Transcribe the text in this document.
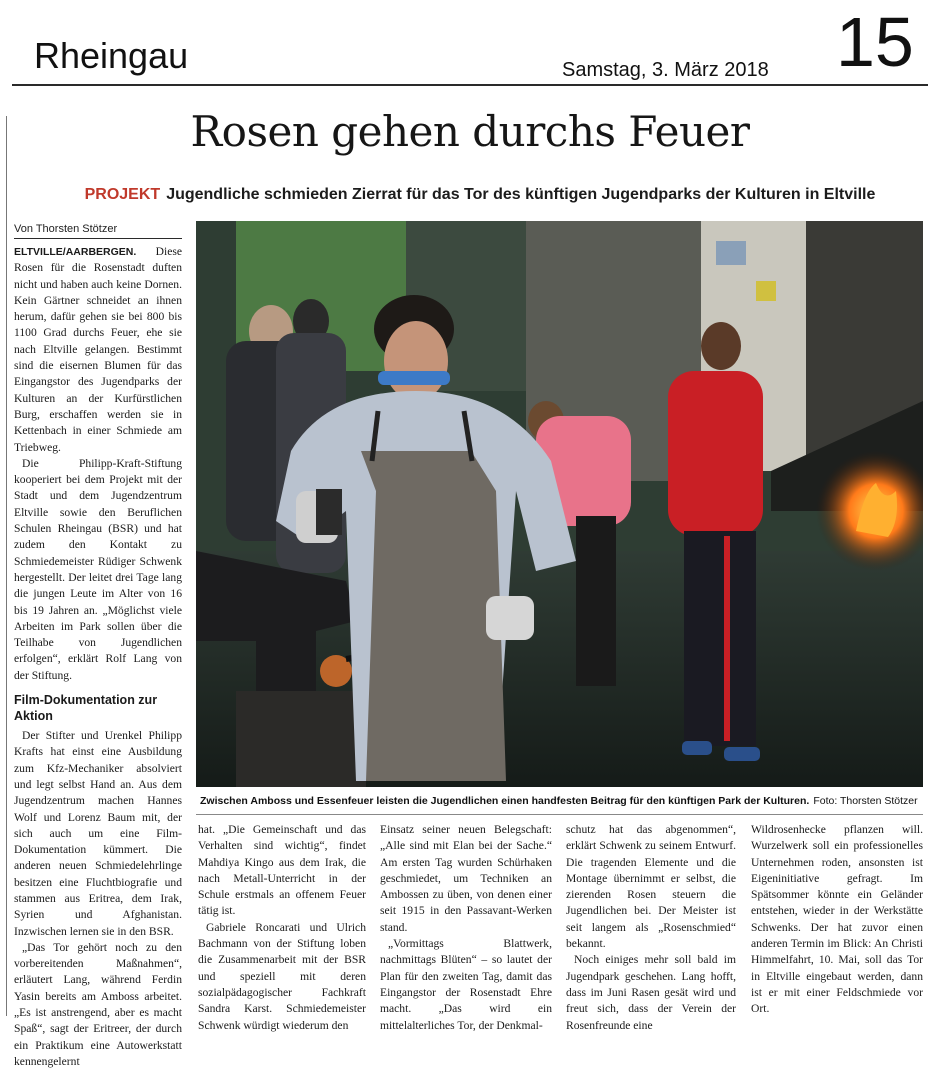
Rheingau	Samstag, 3. März 2018 15
Rosen gehen durchs Feuer
PROJEKT Jugendliche schmieden Zierrat für das Tor des künftigen Jugendparks der Kulturen in Eltville
Von Thorsten Stötzer

ELTVILLE/AARBERGEN. Diese Rosen für die Rosenstadt duften nicht und haben auch keine Dornen. Kein Gärtner schneidet an ihnen herum, dafür gehen sie bei 800 bis 1100 Grad durchs Feuer, ehe sie nach Eltville gelangen. Bestimmt sind die eisernen Blumen für das Eingangstor des Jugendparks der Kulturen an der Kurfürstlichen Burg, erschaffen werden sie in Kettenbach in einer Schmiede am Triebweg.

Die Philipp-Kraft-Stiftung kooperiert bei dem Projekt mit der Stadt und dem Jugendzentrum Eltville sowie den Beruflichen Schulen Rheingau (BSR) und hat zudem den Kontakt zu Schmiedemeister Rüdiger Schwenk hergestellt. Der leitet drei Tage lang die jungen Leute im Alter von 16 bis 19 Jahren an. „Möglichst viele Arbeiten im Park sollen über die Teilhabe von Jugendlichen erfolgen“, erklärt Rolf Lang von der Stiftung.

Film-Dokumentation zur Aktion

Der Stifter und Urenkel Philipp Krafts hat einst eine Ausbildung zum Kfz-Mechaniker absolviert und legt selbst Hand an. Aus dem Jugendzentrum machen Hannes Wolf und Lorenz Baum mit, der sich auch um eine Film-Dokumentation kümmert. Die anderen neuen Schmiedelehrlinge besitzen eine Fluchtbiografie und stammen aus Eritrea, dem Irak, Syrien und Afghanistan. Inzwischen lernen sie in den BSR.

„Das Tor gehört noch zu den vorbereitenden Maßnahmen“, erläutert Lang, während Ferdin Yasin bereits am Amboss arbeitet. „Es ist anstrengend, aber es macht Spaß“, sagt der Eritreer, der durch ein Praktikum eine Autowerkstatt kennengelernt

Zwischen Amboss und Essenfeuer leisten die Jugendlichen einen handfesten Beitrag für den künftigen Park der Kulturen. Foto: Thorsten Stötzer

hat. „Die Gemeinschaft und das Verhalten sind wichtig“, findet Mahdiya Kingo aus dem Irak, die nach Metall-Unterricht in der Schule erstmals an offenem Feuer tätig ist.

Gabriele Roncarati und Ulrich Bachmann von der Stiftung loben die Zusammenarbeit mit der BSR und speziell mit deren sozialpädagogischer Fachkraft Sandra Karst. Schmiedemeister Schwenk würdigt wiederum den

Einsatz seiner neuen Belegschaft: „Alle sind mit Elan bei der Sache.“ Am ersten Tag wurden Schürhaken geschmiedet, um Techniken an Ambossen zu üben, von denen einer seit 1915 in den Passavant-Werken stand.

„Vormittags Blattwerk, nachmittags Blüten“ – so lautet der Plan für den zweiten Tag, damit das Eingangstor der Rosenstadt Ehre macht. „Das wird ein mittelalterliches Tor, der Denkmal-

schutz hat das abgenommen“, erklärt Schwenk zu seinem Entwurf. Die tragenden Elemente und die Montage übernimmt er selbst, die zierenden Rosen steuern die Jugendlichen bei. Der Meister ist seit langem als „Rosenschmied“ bekannt.

Noch einiges mehr soll bald im Jugendpark geschehen. Lang hofft, dass im Juni Rasen gesät wird und freut sich, dass der Verein der Rosenfreunde eine

Wildrosenhecke pflanzen will. Wurzelwerk soll ein professionelles Unternehmen roden, ansonsten ist Eigeninitiative gefragt. Im Spätsommer könnte ein Geländer entstehen, wieder in der Werkstätte Schwenks. Der hat zuvor einen anderen Termin im Blick: An Christi Himmelfahrt, 10. Mai, soll das Tor in Eltville eingebaut werden, dann ist er mit einer Feldschmiede vor Ort.
